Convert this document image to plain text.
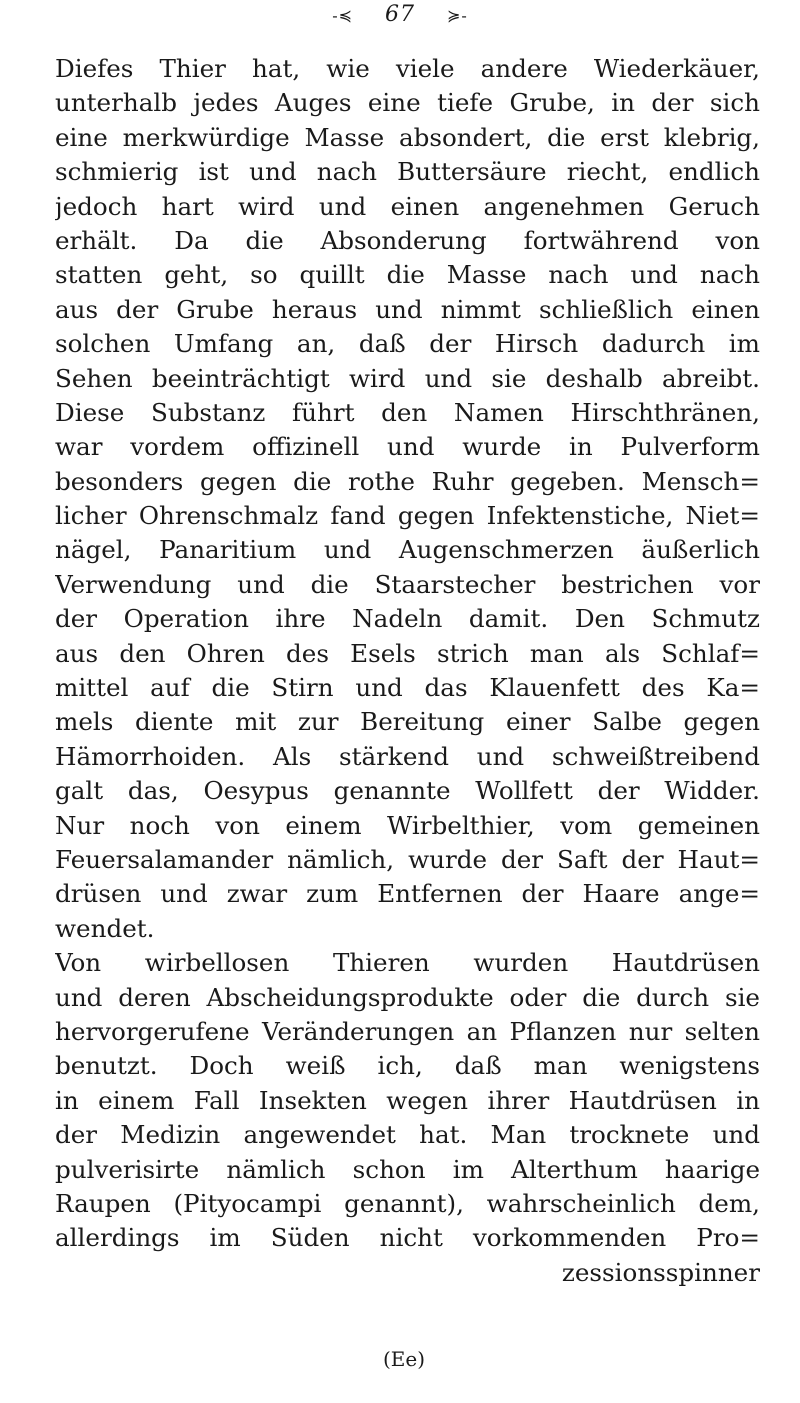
-≼ 67 ≽-
Diefes Thier hat, wie viele andere Wiederkäuer,
unterhalb jedes Auges eine tiefe Grube, in der sich
eine merkwürdige Masse absondert, die erst klebrig,
schmierig ist und nach Buttersäure riecht, endlich
jedoch hart wird und einen angenehmen Geruch
erhält. Da die Absonderung fortwährend von
statten geht, so quillt die Masse nach und nach
aus der Grube heraus und nimmt schließlich einen
solchen Umfang an, daß der Hirsch dadurch im
Sehen beeinträchtigt wird und sie deshalb abreibt.
Diese Substanz führt den Namen Hirschthränen,
war vordem offizinell und wurde in Pulverform
besonders gegen die rothe Ruhr gegeben. Mensch=
licher Ohrenschmalz fand gegen Infektenstiche, Niet=
nägel, Panaritium und Augenschmerzen äußerlich
Verwendung und die Staarstecher bestrichen vor
der Operation ihre Nadeln damit. Den Schmutz
aus den Ohren des Esels strich man als Schlaf=
mittel auf die Stirn und das Klauenfett des Ka=
mels diente mit zur Bereitung einer Salbe gegen
Hämorrhoiden. Als stärkend und schweißtreibend
galt das, Oesypus genannte Wollfett der Widder.
Nur noch von einem Wirbelthier, vom gemeinen
Feuersalamander nämlich, wurde der Saft der Haut=
drüsen und zwar zum Entfernen der Haare ange=
wendet.
Von wirbellosen Thieren wurden Hautdrüsen
und deren Abscheidungsprodukte oder die durch sie
hervorgerufene Veränderungen an Pflanzen nur selten
benutzt. Doch weiß ich, daß man wenigstens
in einem Fall Insekten wegen ihrer Hautdrüsen in
der Medizin angewendet hat. Man trocknete und
pulverisirte nämlich schon im Alterthum haarige
Raupen (Pityocampi genannt), wahrscheinlich dem,
allerdings im Süden nicht vorkommenden Pro=
zessionsspinner
(Ee)
